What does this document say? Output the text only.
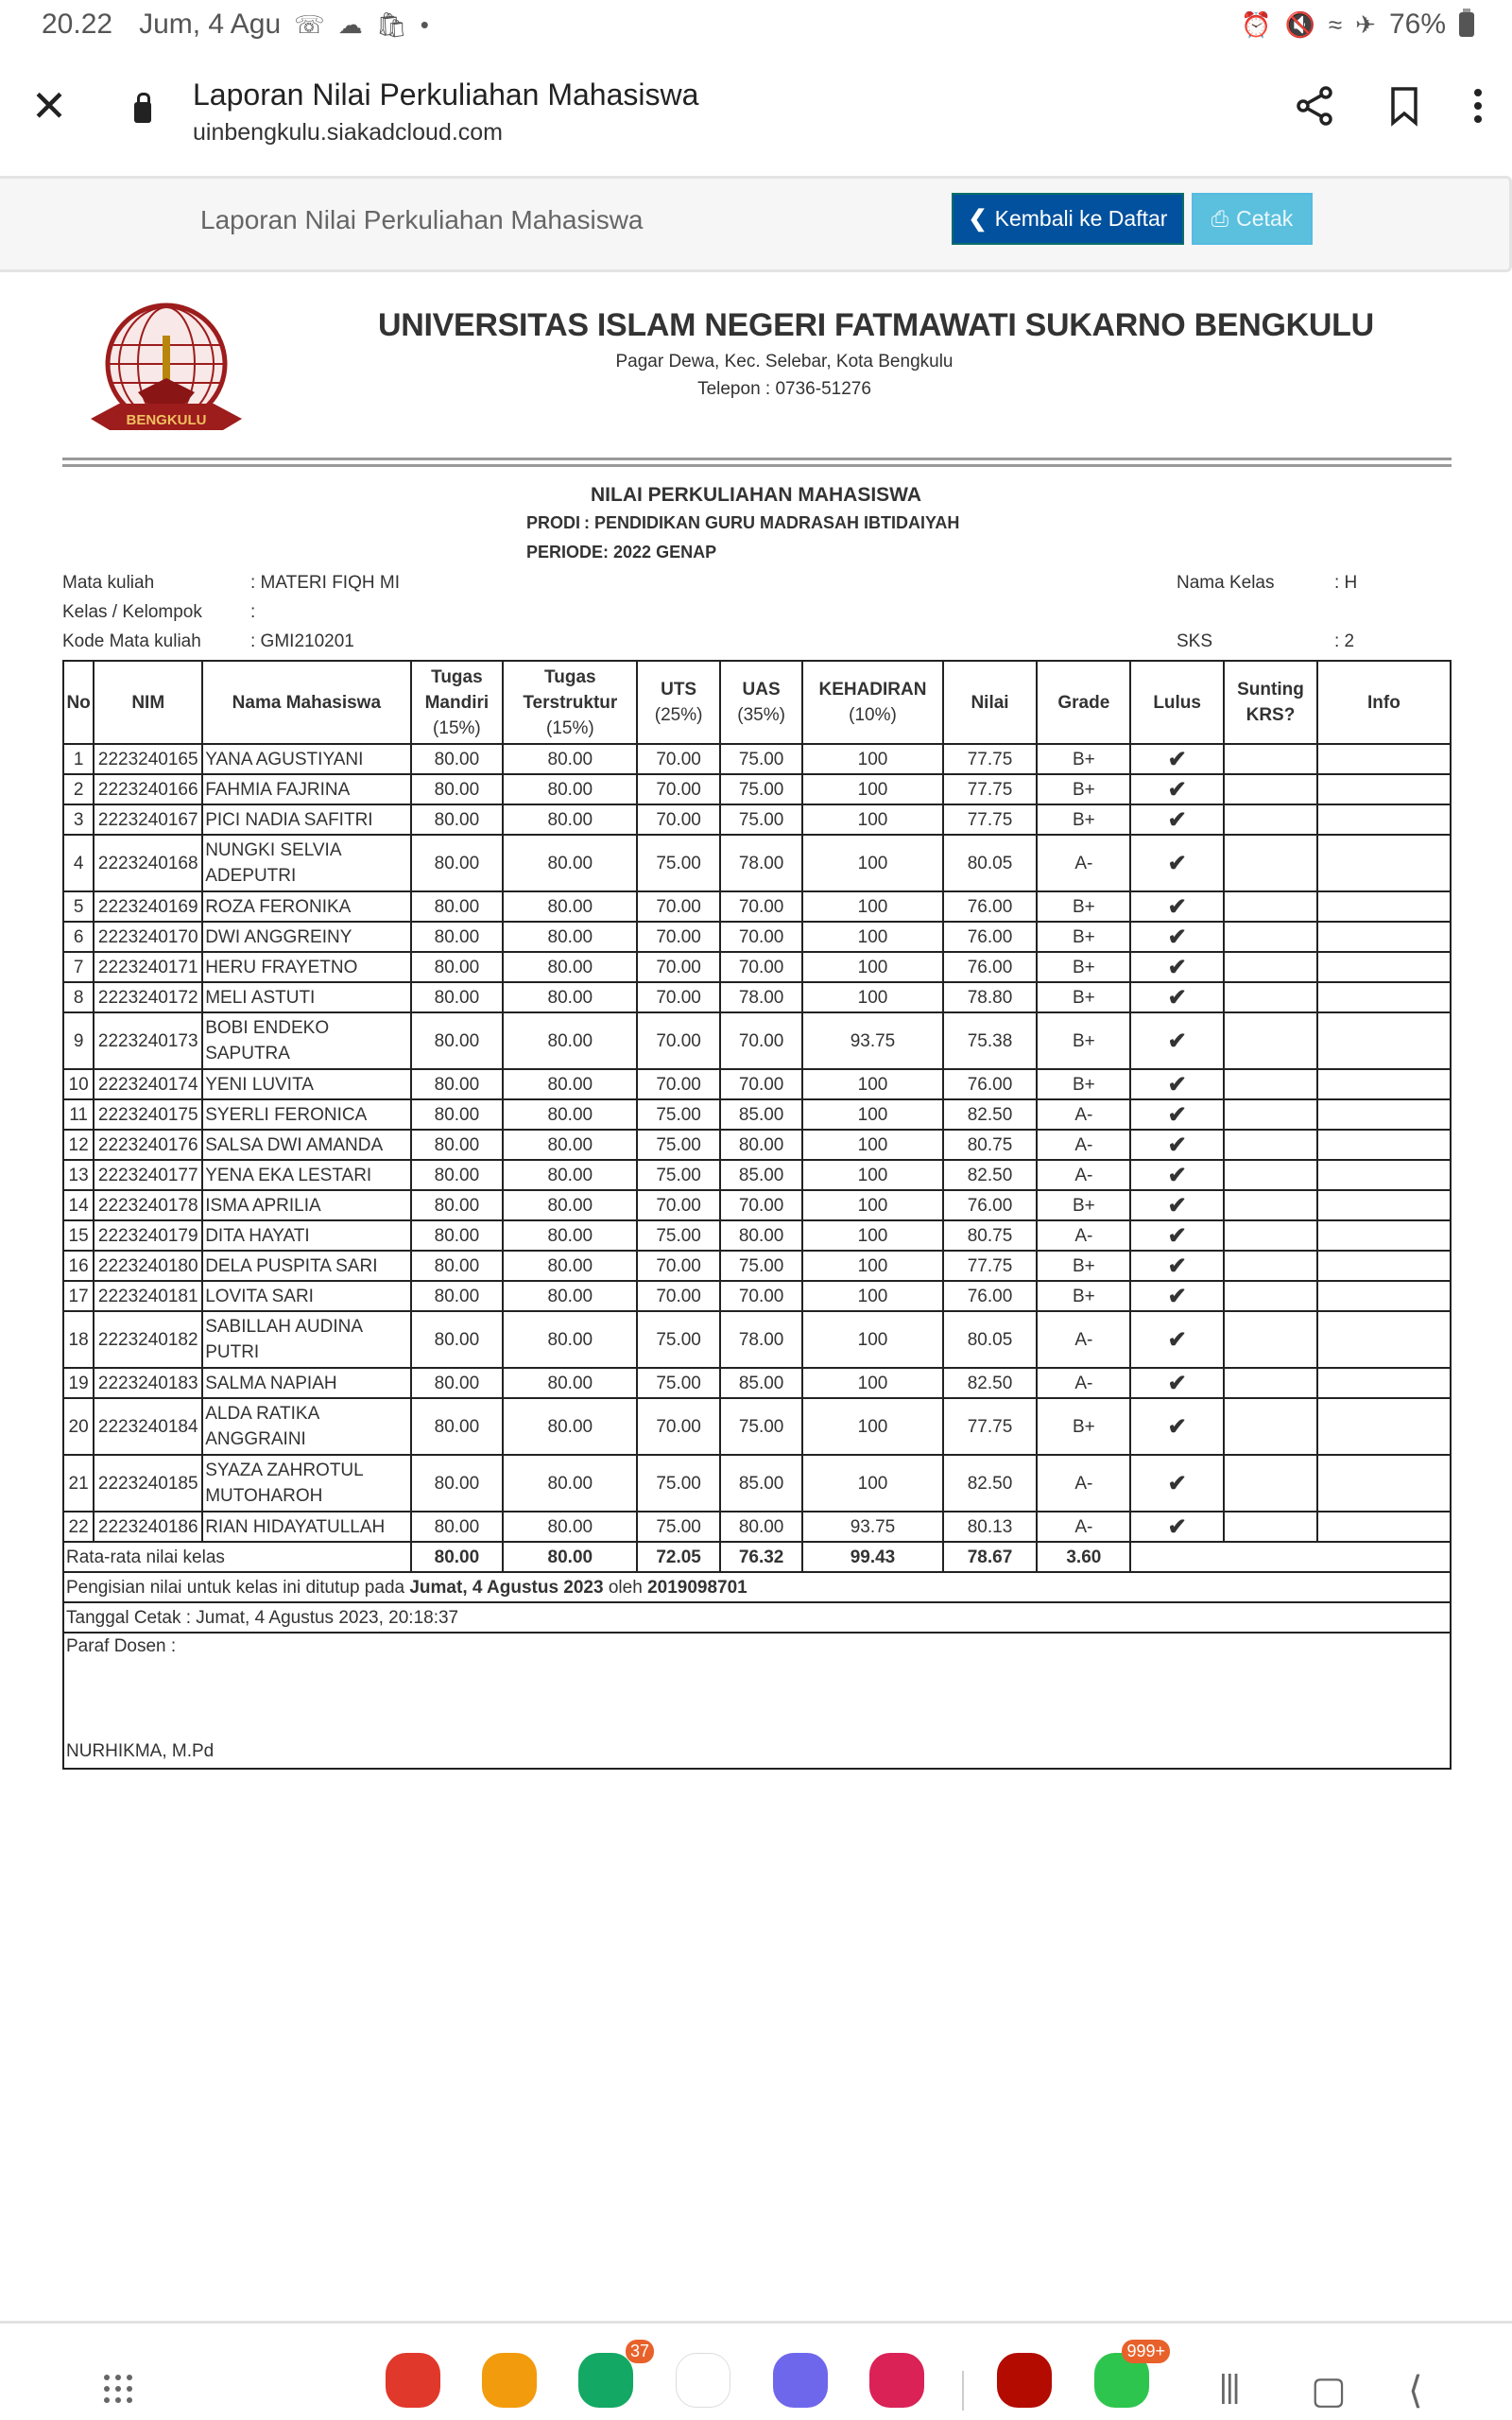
20.22 Jum, 4 Agu ☏ ☁ 🛍 •	⏰ 🔇 ≈ ✈ 76%
✕	Laporan Nilai Perkuliahan Mahasiswa
uinbengkulu.siakadcloud.com
Laporan Nilai Perkuliahan Mahasiswa	❮ Kembali ke Daftar ⎙ Cetak
BENGKULU
UNIVERSITAS ISLAM NEGERI FATMAWATI SUKARNO BENGKULU
Pagar Dewa, Kec. Selebar, Kota Bengkulu
Telepon : 0736-51276
NILAI PERKULIAHAN MAHASISWA
PRODI : PENDIDIKAN GURU MADRASAH IBTIDAIYAH
PERIODE: 2022 GENAP
Mata kuliah	: MATERI FIQH MI	Nama Kelas	: H
Kelas / Kelompok	:
Kode Mata kuliah	: GMI210201	SKS	: 2
No	NIM	Nama Mahasiswa	Tugas
Mandiri
(15%)	Tugas
Terstruktur
(15%)	UTS
(25%)	UAS
(35%)	KEHADIRAN
(10%)	Nilai	Grade	Lulus	Sunting
KRS?	Info
1	2223240165	YANA AGUSTIYANI	80.00	80.00	70.00	75.00	100	77.75	B+	✔		
2	2223240166	FAHMIA FAJRINA	80.00	80.00	70.00	75.00	100	77.75	B+	✔		
3	2223240167	PICI NADIA SAFITRI	80.00	80.00	70.00	75.00	100	77.75	B+	✔		
4	2223240168	NUNGKI SELVIA
ADEPUTRI	80.00	80.00	75.00	78.00	100	80.05	A-	✔		
5	2223240169	ROZA FERONIKA	80.00	80.00	70.00	70.00	100	76.00	B+	✔		
6	2223240170	DWI ANGGREINY	80.00	80.00	70.00	70.00	100	76.00	B+	✔		
7	2223240171	HERU FRAYETNO	80.00	80.00	70.00	70.00	100	76.00	B+	✔		
8	2223240172	MELI ASTUTI	80.00	80.00	70.00	78.00	100	78.80	B+	✔		
9	2223240173	BOBI ENDEKO
SAPUTRA	80.00	80.00	70.00	70.00	93.75	75.38	B+	✔		
10	2223240174	YENI LUVITA	80.00	80.00	70.00	70.00	100	76.00	B+	✔		
11	2223240175	SYERLI FERONICA	80.00	80.00	75.00	85.00	100	82.50	A-	✔		
12	2223240176	SALSA DWI AMANDA	80.00	80.00	75.00	80.00	100	80.75	A-	✔		
13	2223240177	YENA EKA LESTARI	80.00	80.00	75.00	85.00	100	82.50	A-	✔		
14	2223240178	ISMA APRILIA	80.00	80.00	70.00	70.00	100	76.00	B+	✔		
15	2223240179	DITA HAYATI	80.00	80.00	75.00	80.00	100	80.75	A-	✔		
16	2223240180	DELA PUSPITA SARI	80.00	80.00	70.00	75.00	100	77.75	B+	✔		
17	2223240181	LOVITA SARI	80.00	80.00	70.00	70.00	100	76.00	B+	✔		
18	2223240182	SABILLAH AUDINA
PUTRI	80.00	80.00	75.00	78.00	100	80.05	A-	✔		
19	2223240183	SALMA NAPIAH	80.00	80.00	75.00	85.00	100	82.50	A-	✔		
20	2223240184	ALDA RATIKA
ANGGRAINI	80.00	80.00	70.00	75.00	100	77.75	B+	✔		
21	2223240185	SYAZA ZAHROTUL
MUTOHAROH	80.00	80.00	75.00	85.00	100	82.50	A-	✔		
22	2223240186	RIAN HIDAYATULLAH	80.00	80.00	75.00	80.00	93.75	80.13	A-	✔		
Rata-rata nilai kelas			80.00	80.00	72.05	76.32	99.43	78.67	3.60			
Pengisian nilai untuk kelas ini ditutup pada Jumat, 4 Agustus 2023 oleh 2019098701												
Tanggal Cetak : Jumat, 4 Agustus 2023, 20:18:37												
Paraf Dosen :
NURHIKMA, M.Pd												
37	999+
||| ▢ ⟨
